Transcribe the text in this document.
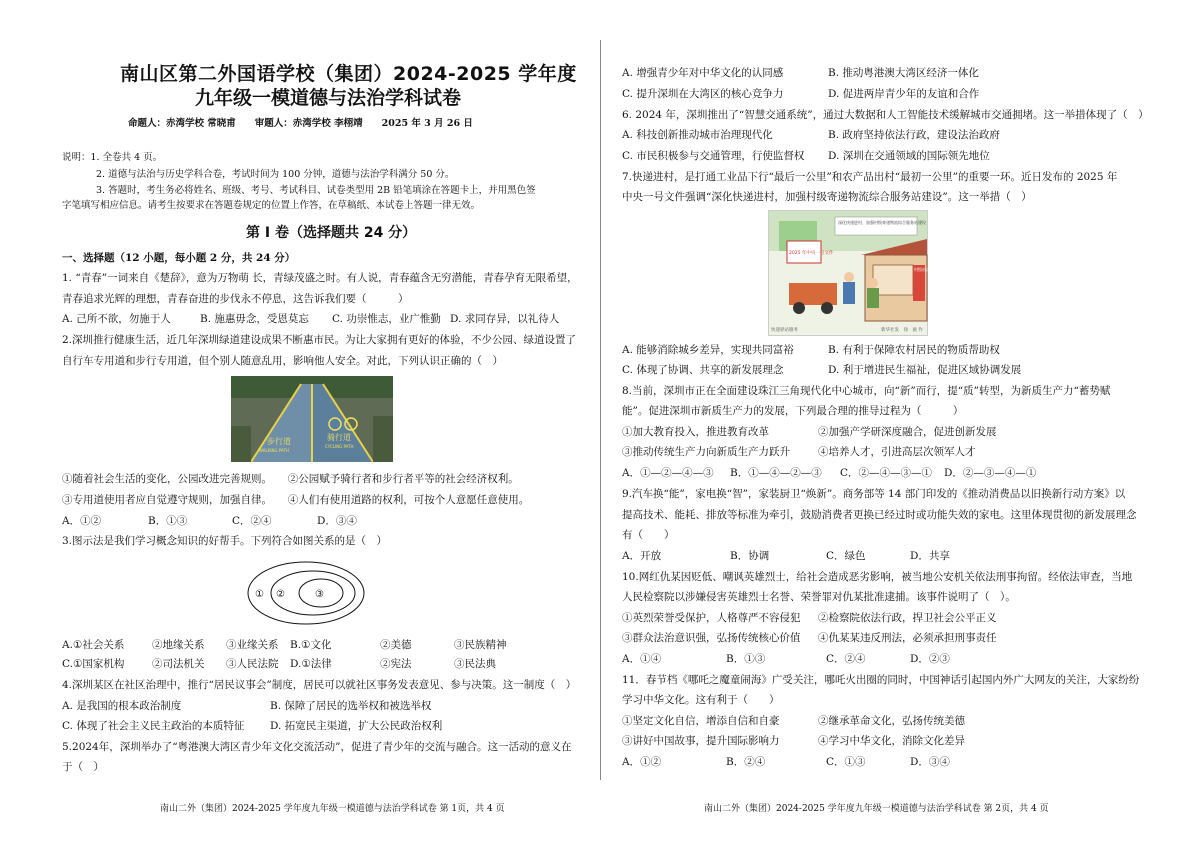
南山区第二外国语学校（集团）2024-2025 学年度
九年级一模道德与法治学科试卷
命题人：赤湾学校 常晓甫　　审题人：赤湾学校 李栩靖　　2025 年 3 月 26 日
说明：1. 全卷共 4 页。
2. 道德与法治与历史学科合卷，考试时间为 100 分钟，道德与法治学科满分 50 分。
3. 答题时，考生务必将姓名、班级、考号、考试科目、试卷类型用 2B 铅笔填涂在答题卡上，并用黑色签
字笔填写相应信息。请考生按要求在答题卷规定的位置上作答，在草稿纸、本试卷上答题一律无效。
第 I 卷（选择题共 24 分）
一、选择题（12 小题，每小题 2 分，共 24 分）
1. “青春”一词来自《楚辞》，意为万物萌 长，青绿茂盛之时。有人说，青春蕴含无穷潜能，青春孕育无限希望，
青春追求光辉的理想，青春奋进的步伐永不停息，这告诉我们要（　　　）
A. 己所不欲，勿施于人	B. 施惠毋念，受恩莫忘 C. 功崇惟志，业广惟勤 D. 求同存异，以礼待人
2.深圳推行健康生活，近几年深圳绿道建设成果不断惠市民。为让大家拥有更好的体验，不少公园、绿道设置了
自行车专用道和步行专用道，但个别人随意乱用，影响他人安全。对此，下列认识正确的（　）
步行道
WALKING PATH
骑行道
CYCLING PATH
①随着社会生活的变化，公园改进完善规则。　　②公园赋予骑行者和步行者平等的社会经济权利。
③专用道使用者应自觉遵守规则，加强自律。　　④人们有使用道路的权利，可按个人意愿任意使用。
A．①②	B．①③	C．②④	D．③④
3.图示法是我们学习概念知识的好帮手。下列符合如图关系的是（　）
① ②	③
A.①社会关系	②地缘关系 ③业缘关系 B.①文化	②美德	③民族精神
C.①国家机构	②司法机关 ③人民法院 D.①法律	②宪法	③民法典
4.深圳某区在社区治理中，推行“居民议事会”制度，居民可以就社区事务发表意见、参与决策。这一制度（　）
A. 是我国的根本政治制度	B. 保障了居民的选举权和被选举权
C. 体现了社会主义民主政治的本质特征 D. 拓宽民主渠道，扩大公民政治权利
5.2024年，深圳举办了“粤港澳大湾区青少年文化交流活动”，促进了青少年的交流与融合。这一活动的意义在
于（　）
南山二外（集团）2024-2025 学年度九年级一模道德与法治学科试卷 第 1页，共 4 页
A. 增强青少年对中华文化的认同感	B. 推动粤港澳大湾区经济一体化
C. 提升深圳在大湾区的核心竞争力	D. 促进两岸青少年的友谊和合作
6. 2024 年，深圳推出了“智慧交通系统”，通过大数据和人工智能技术缓解城市交通拥堵。这一举措体现了（　）
A. 科技创新推动城市治理现代化	B. 政府坚持依法行政，建设法治政府
C. 市民积极参与交通管理，行使监督权 D. 深圳在交通领域的国际领先地位
7.快递进村，是打通工业品下行“最后一公里”和农产品出村“最初一公里”的重要一环。近日发布的 2025 年
中央一号文件强调“深化快递进村，加强村级寄递物流综合服务站建设”。这一举措（　）
深化快递进村，加强村级寄递物流综合服务站建设
2025 年中央一号文件
村级站点
快递驿站服务	新华社发　徐　骏 作
A. 能够消除城乡差异，实现共同富裕	B. 有利于保障农村居民的物质帮助权
C. 体现了协调、共享的新发展理念	D. 利于增进民生福祉，促进区域协调发展
8.当前，深圳市正在全面建设珠江三角现代化中心城市，向“新”而行，提“质”转型，为新质生产力“蓄势赋
能”。促进深圳市新质生产力的发展，下列最合理的推导过程为（　　　）
①加大教育投入，推进教育改革	②加强产学研深度融合，促进创新发展
③推动传统生产力向新质生产力跃升	④培养人才，引进高层次领军人才
A．①—②—④—③ B．①—④—②—③ C．②—④—③—① D．②—③—④—①
9.汽车换“能”，家电换“智”，家装厨卫“焕新”。商务部等 14 部门印发的《推动消费品以旧换新行动方案》以
提高技术、能耗、排放等标准为牵引，鼓励消费者更换已经过时或功能失效的家电。这里体现贯彻的新发展理念
有（　　）
A．开放	B．协调	C．绿色	D．共享
10.网红仇某因贬低、嘲讽英雄烈士，给社会造成恶劣影响，被当地公安机关依法刑事拘留。经依法审查，当地
人民检察院以涉嫌侵害英雄烈士名誉、荣誉罪对仇某批准逮捕。该事件说明了（　）。
①英烈荣誉受保护，人格尊严不容侵犯 ②检察院依法行政，捍卫社会公平正义
③群众法治意识强，弘扬传统核心价值 ④仇某某违反刑法，必须承担刑事责任
A．①④	B．①③	C．②④	D．②③
11．春节档《哪吒之魔童闹海》广受关注，哪吒火出圈的同时，中国神话引起国内外广大网友的关注，大家纷纷
学习中华文化。这有利于（　　）
①坚定文化自信，增添自信和自豪	②继承革命文化，弘扬传统美德
③讲好中国故事，提升国际影响力	④学习中华文化，消除文化差异
A．①②	B．②④	C．①③	D．③④
南山二外（集团）2024-2025 学年度九年级一模道德与法治学科试卷 第 2页，共 4 页
